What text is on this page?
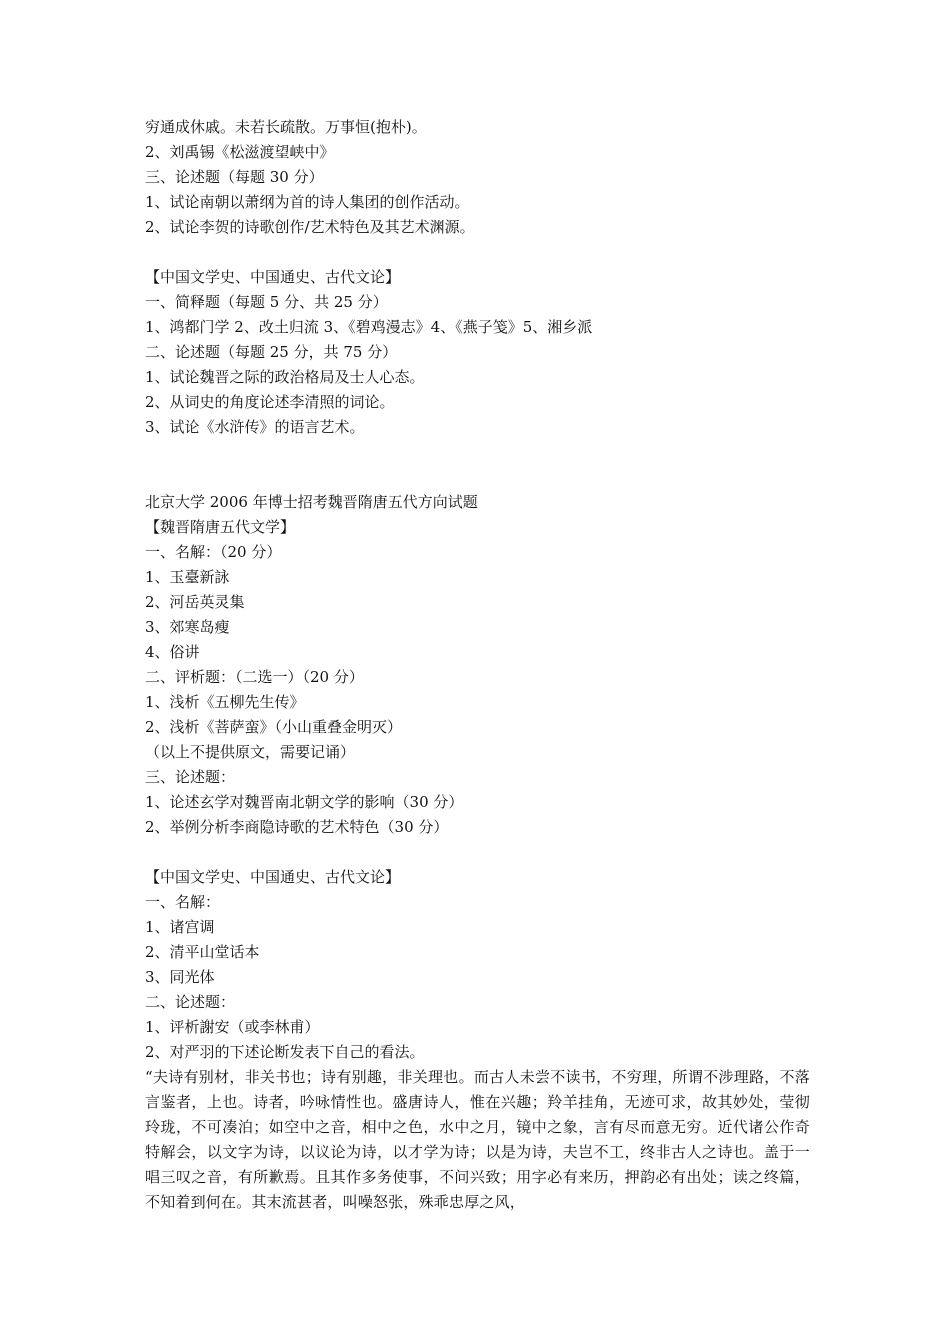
穷通成休戚。未若长疏散。万事恒(抱朴)。
2、刘禹锡《松滋渡望峡中》
三、论述题（每题 30 分）
1、试论南朝以萧纲为首的诗人集团的创作活动。
2、试论李贺的诗歌创作/艺术特色及其艺术渊源。
【中国文学史、中国通史、古代文论】
一、简释题（每题 5 分、共 25 分）
1、鸿都门学 2、改土归流 3、《碧鸡漫志》4、《燕子笺》5、湘乡派
二、论述题（每题 25 分，共 75 分）
1、试论魏晋之际的政治格局及士人心态。
2、从词史的角度论述李清照的词论。
3、试论《水浒传》的语言艺术。
北京大学 2006 年博士招考魏晋隋唐五代方向试题
【魏晋隋唐五代文学】
一、名解：（20 分）
1、玉臺新詠
2、河岳英灵集
3、郊寒岛瘦
4、俗讲
二、评析题：（二选一）（20 分）
1、浅析《五柳先生传》
2、浅析《菩萨蛮》（小山重叠金明灭）
（以上不提供原文，需要记诵）
三、论述题：
1、论述玄学对魏晋南北朝文学的影响（30 分）
2、举例分析李商隐诗歌的艺术特色（30 分）
【中国文学史、中国通史、古代文论】
一、名解：
1、诸宫调
2、清平山堂话本
3、同光体
二、论述题：
1、评析謝安（或李林甫）
2、对严羽的下述论断发表下自己的看法。
“夫诗有别材，非关书也；诗有别趣，非关理也。而古人未尝不读书，不穷理，所谓不涉理路，不落言鉴者，上也。诗者，吟咏情性也。盛唐诗人，惟在兴趣；羚羊挂角，无迹可求，故其妙处，莹彻玲珑，不可凑泊；如空中之音，相中之色，水中之月，镜中之象，言有尽而意无穷。近代诸公作奇特解会，以文字为诗，以议论为诗，以才学为诗；以是为诗，夫岂不工，终非古人之诗也。盖于一唱三叹之音，有所歉焉。且其作多务使事，不问兴致；用字必有来历，押韵必有出处；读之终篇，不知着到何在。其末流甚者，叫噪怒张，殊乖忠厚之风，
